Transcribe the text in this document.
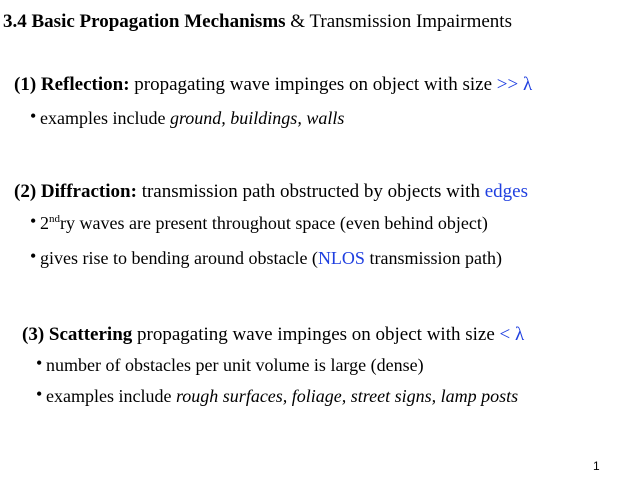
3.4 Basic Propagation Mechanisms & Transmission Impairments
(1) Reflection: propagating wave impinges on object with size >> λ
• examples include ground, buildings, walls
(2) Diffraction: transmission path obstructed by objects with edges
• 2ndry waves are present throughout space (even behind object)
• gives rise to bending around obstacle (NLOS transmission path)
(3) Scattering propagating wave impinges on object with size < λ
• number of obstacles per unit volume is large (dense)
• examples include rough surfaces, foliage, street signs, lamp posts
1
